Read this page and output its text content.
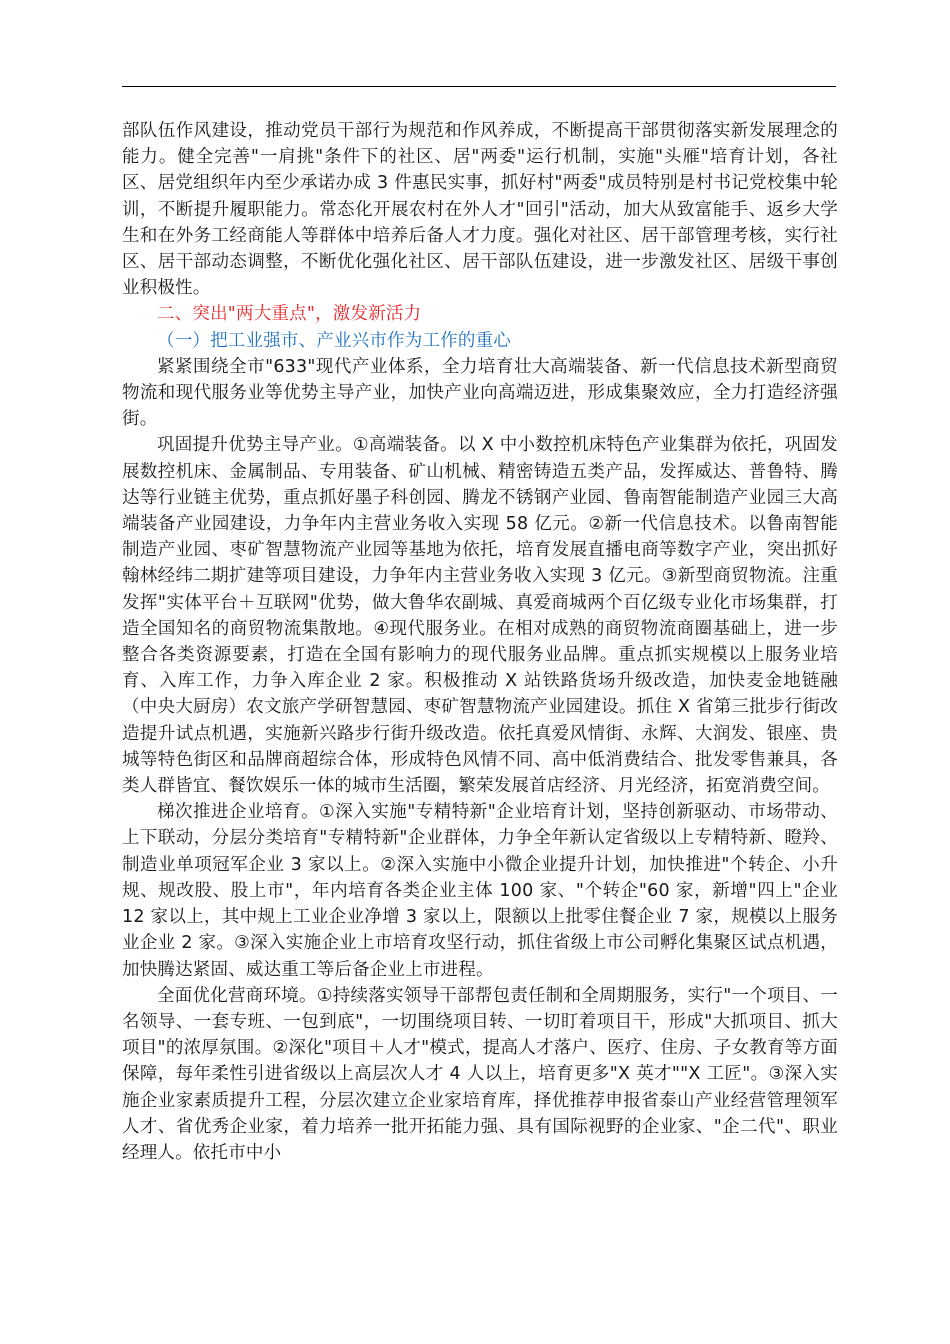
部队伍作风建设，推动党员干部行为规范和作风养成，不断提高干部贯彻落实新发展理念的能力。健全完善"一肩挑"条件下的社区、居"两委"运行机制，实施"头雁"培育计划，各社区、居党组织年内至少承诺办成 3 件惠民实事，抓好村"两委"成员特别是村书记党校集中轮训，不断提升履职能力。常态化开展农村在外人才"回引"活动，加大从致富能手、返乡大学生和在外务工经商能人等群体中培养后备人才力度。强化对社区、居干部管理考核，实行社区、居干部动态调整，不断优化强化社区、居干部队伍建设，进一步激发社区、居级干事创业积极性。

二、突出"两大重点"，激发新活力

（一）把工业强市、产业兴市作为工作的重心

紧紧围绕全市"633"现代产业体系，全力培育壮大高端装备、新一代信息技术新型商贸物流和现代服务业等优势主导产业，加快产业向高端迈进，形成集聚效应，全力打造经济强街。

巩固提升优势主导产业。①高端装备。以 X 中小数控机床特色产业集群为依托，巩固发展数控机床、金属制品、专用装备、矿山机械、精密铸造五类产品，发挥威达、普鲁特、腾达等行业链主优势，重点抓好墨子科创园、腾龙不锈钢产业园、鲁南智能制造产业园三大高端装备产业园建设，力争年内主营业务收入实现 58 亿元。②新一代信息技术。以鲁南智能制造产业园、枣矿智慧物流产业园等基地为依托，培育发展直播电商等数字产业，突出抓好翰林经纬二期扩建等项目建设，力争年内主营业务收入实现 3 亿元。③新型商贸物流。注重发挥"实体平台＋互联网"优势，做大鲁华农副城、真爱商城两个百亿级专业化市场集群，打造全国知名的商贸物流集散地。④现代服务业。在相对成熟的商贸物流商圈基础上，进一步整合各类资源要素，打造在全国有影响力的现代服务业品牌。重点抓实规模以上服务业培育、入库工作，力争入库企业 2 家。积极推动 X 站铁路货场升级改造，加快麦金地链融（中央大厨房）农文旅产学研智慧园、枣矿智慧物流产业园建设。抓住 X 省第三批步行街改造提升试点机遇，实施新兴路步行街升级改造。依托真爱风情街、永辉、大润发、银座、贵城等特色街区和品牌商超综合体，形成特色风情不同、高中低消费结合、批发零售兼具，各类人群皆宜、餐饮娱乐一体的城市生活圈，繁荣发展首店经济、月光经济，拓宽消费空间。

梯次推进企业培育。①深入实施"专精特新"企业培育计划，坚持创新驱动、市场带动、上下联动，分层分类培育"专精特新"企业群体，力争全年新认定省级以上专精特新、瞪羚、制造业单项冠军企业 3 家以上。②深入实施中小微企业提升计划，加快推进"个转企、小升规、规改股、股上市"，年内培育各类企业主体 100 家、"个转企"60 家，新增"四上"企业 12 家以上，其中规上工业企业净增 3 家以上，限额以上批零住餐企业 7 家，规模以上服务业企业 2 家。③深入实施企业上市培育攻坚行动，抓住省级上市公司孵化集聚区试点机遇，加快腾达紧固、威达重工等后备企业上市进程。

全面优化营商环境。①持续落实领导干部帮包责任制和全周期服务，实行"一个项目、一名领导、一套专班、一包到底"，一切围绕项目转、一切盯着项目干，形成"大抓项目、抓大项目"的浓厚氛围。②深化"项目＋人才"模式，提高人才落户、医疗、住房、子女教育等方面保障，每年柔性引进省级以上高层次人才 4 人以上，培育更多"X 英才""X 工匠"。③深入实施企业家素质提升工程，分层次建立企业家培育库，择优推荐申报省泰山产业经营管理领军人才、省优秀企业家，着力培养一批开拓能力强、具有国际视野的企业家、"企二代"、职业经理人。依托市中小
